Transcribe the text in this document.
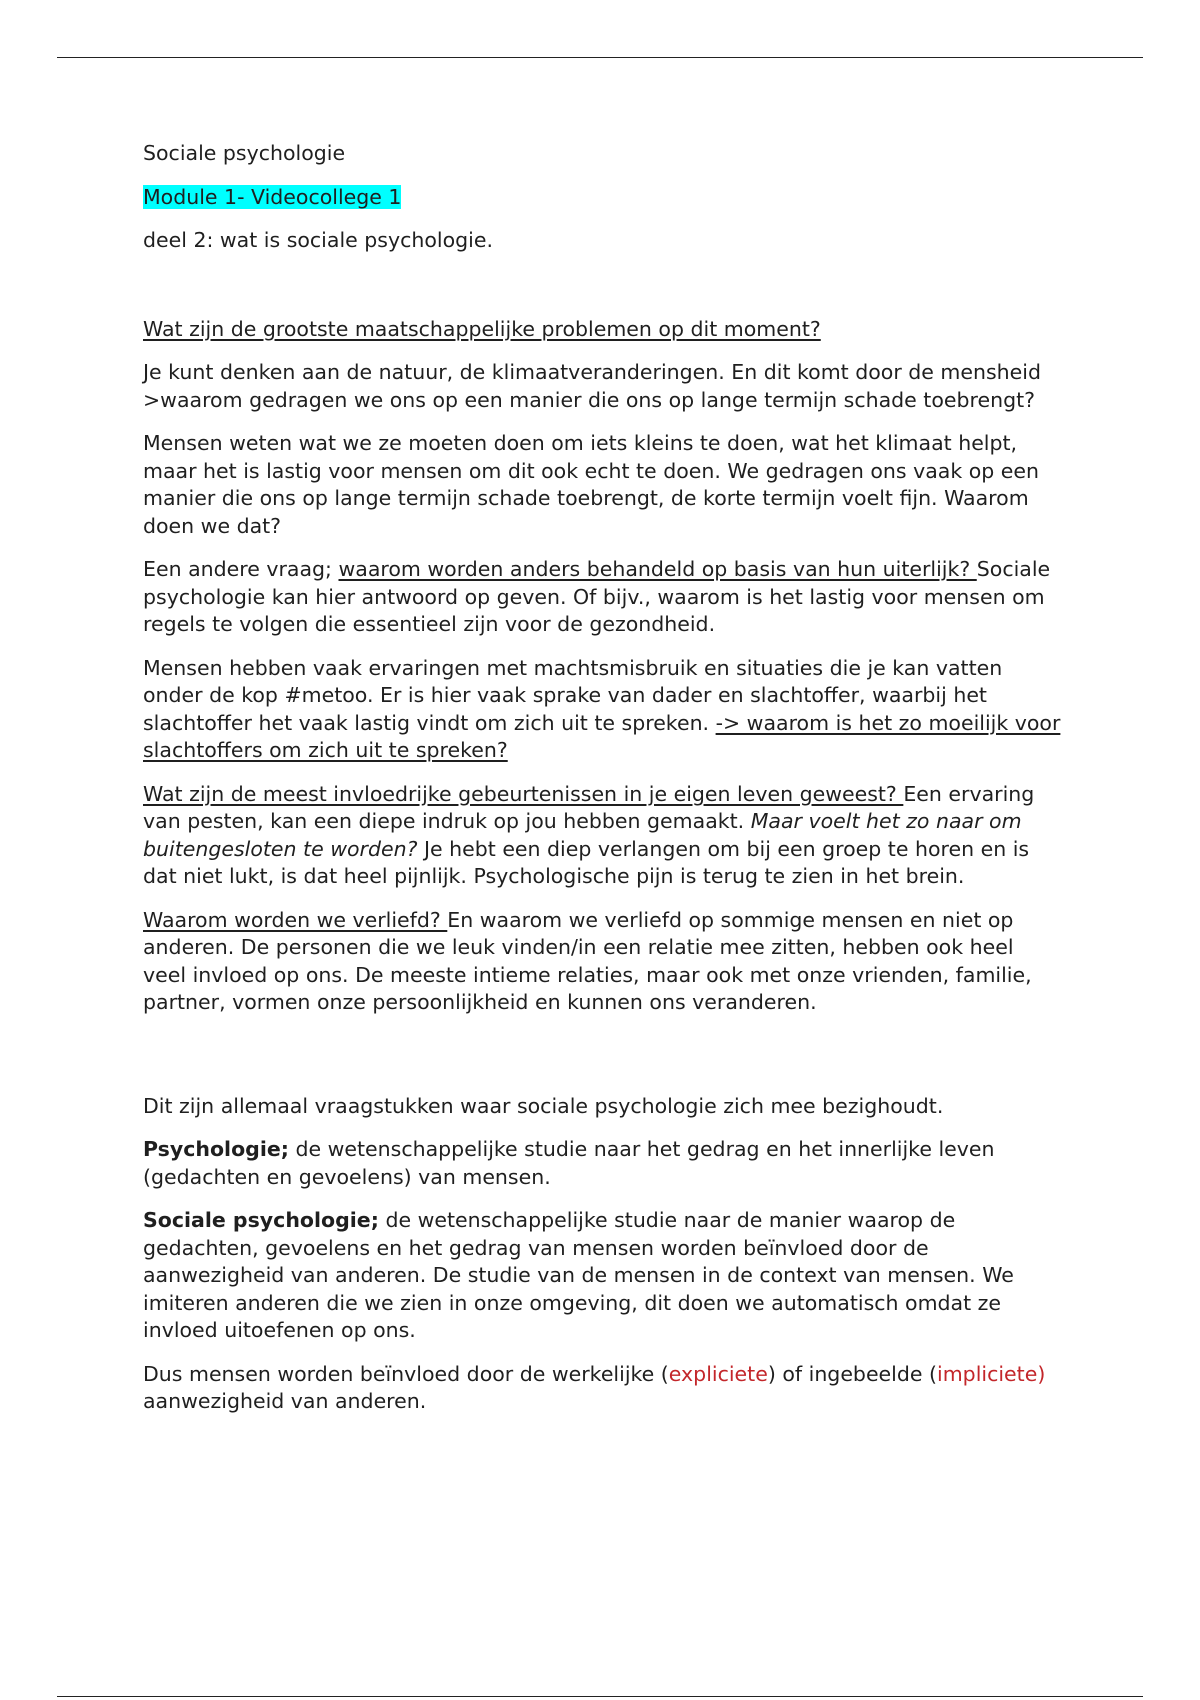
Sociale psychologie

Module 1- Videocollege 1

deel 2: wat is sociale psychologie.

Wat zijn de grootste maatschappelijke problemen op dit moment?

Je kunt denken aan de natuur, de klimaatveranderingen. En dit komt door de mensheid >waarom gedragen we ons op een manier die ons op lange termijn schade toebrengt?

Mensen weten wat we ze moeten doen om iets kleins te doen, wat het klimaat helpt, maar het is lastig voor mensen om dit ook echt te doen. We gedragen ons vaak op een manier die ons op lange termijn schade toebrengt, de korte termijn voelt fijn. Waarom doen we dat?

Een andere vraag; waarom worden anders behandeld op basis van hun uiterlijk? Sociale psychologie kan hier antwoord op geven. Of bijv., waarom is het lastig voor mensen om regels te volgen die essentieel zijn voor de gezondheid.

Mensen hebben vaak ervaringen met machtsmisbruik en situaties die je kan vatten onder de kop #metoo. Er is hier vaak sprake van dader en slachtoffer, waarbij het slachtoffer het vaak lastig vindt om zich uit te spreken. -> waarom is het zo moeilijk voor slachtoffers om zich uit te spreken?

Wat zijn de meest invloedrijke gebeurtenissen in je eigen leven geweest? Een ervaring van pesten, kan een diepe indruk op jou hebben gemaakt. Maar voelt het zo naar om buitengesloten te worden? Je hebt een diep verlangen om bij een groep te horen en is dat niet lukt, is dat heel pijnlijk. Psychologische pijn is terug te zien in het brein.

Waarom worden we verliefd? En waarom we verliefd op sommige mensen en niet op anderen. De personen die we leuk vinden/in een relatie mee zitten, hebben ook heel veel invloed op ons. De meeste intieme relaties, maar ook met onze vrienden, familie, partner, vormen onze persoonlijkheid en kunnen ons veranderen.

Dit zijn allemaal vraagstukken waar sociale psychologie zich mee bezighoudt.

Psychologie; de wetenschappelijke studie naar het gedrag en het innerlijke leven (gedachten en gevoelens) van mensen.

Sociale psychologie; de wetenschappelijke studie naar de manier waarop de gedachten, gevoelens en het gedrag van mensen worden beïnvloed door de aanwezigheid van anderen. De studie van de mensen in de context van mensen. We imiteren anderen die we zien in onze omgeving, dit doen we automatisch omdat ze invloed uitoefenen op ons.

Dus mensen worden beïnvloed door de werkelijke (expliciete) of ingebeelde (impliciete) aanwezigheid van anderen.
